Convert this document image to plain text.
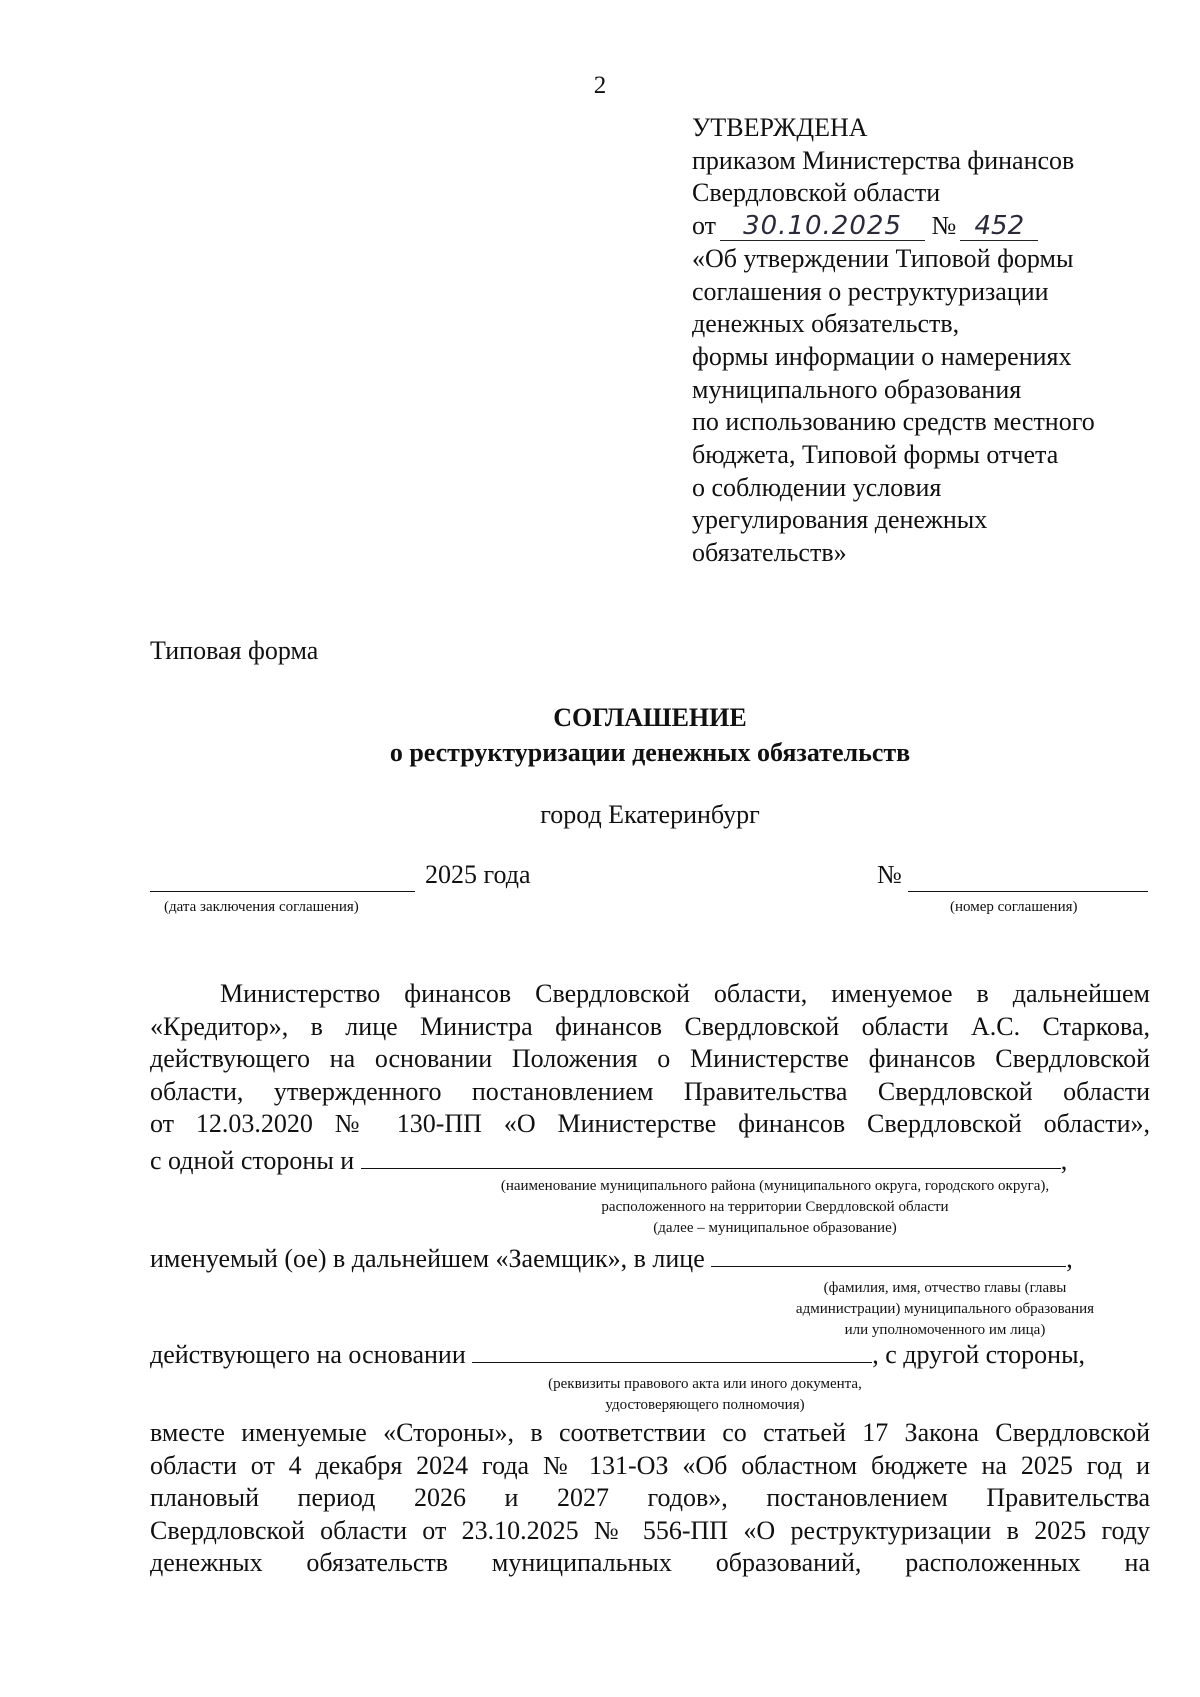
2
УТВЕРЖДЕНА
приказом Министерства финансов
Свердловской области
от 30.10.2025 № 452
«Об утверждении Типовой формы
соглашения о реструктуризации
денежных обязательств,
формы информации о намерениях
муниципального образования
по использованию средств местного
бюджета, Типовой формы отчета
о соблюдении условия
урегулирования денежных
обязательств»
Типовая форма
СОГЛАШЕНИЕ
о реструктуризации денежных обязательств
город Екатеринбург
2025 года	№
(дата заключения соглашения)	(номер соглашения)

Министерство финансов Свердловской области, именуемое в дальнейшем

«Кредитор», в лице Министра финансов Свердловской области А.С. Старкова,

действующего на основании Положения о Министерстве финансов Свердловской

области, утвержденного постановлением Правительства Свердловской области

от 12.03.2020 № 130-ПП «О Министерстве финансов Свердловской области»,

с одной стороны и	,
(наименование муниципального района (муниципального округа, городского округа),
расположенного на территории Свердловской области
(далее – муниципальное образование)
именуемый (ое) в дальнейшем «Заемщик», в лице	,
(фамилия, имя, отчество главы (главы
администрации) муниципального образования
или уполномоченного им лица)
действующего на основании	, с другой стороны,
(реквизиты правового акта или иного документа,
удостоверяющего полномочия)

вместе именуемые «Стороны», в соответствии со статьей 17 Закона Свердловской

области от 4 декабря 2024 года № 131-ОЗ «Об областном бюджете на 2025 год и

плановый период 2026 и 2027 годов», постановлением Правительства

Свердловской области от 23.10.2025 № 556-ПП «О реструктуризации в 2025 году

денежных обязательств муниципальных образований, расположенных на
